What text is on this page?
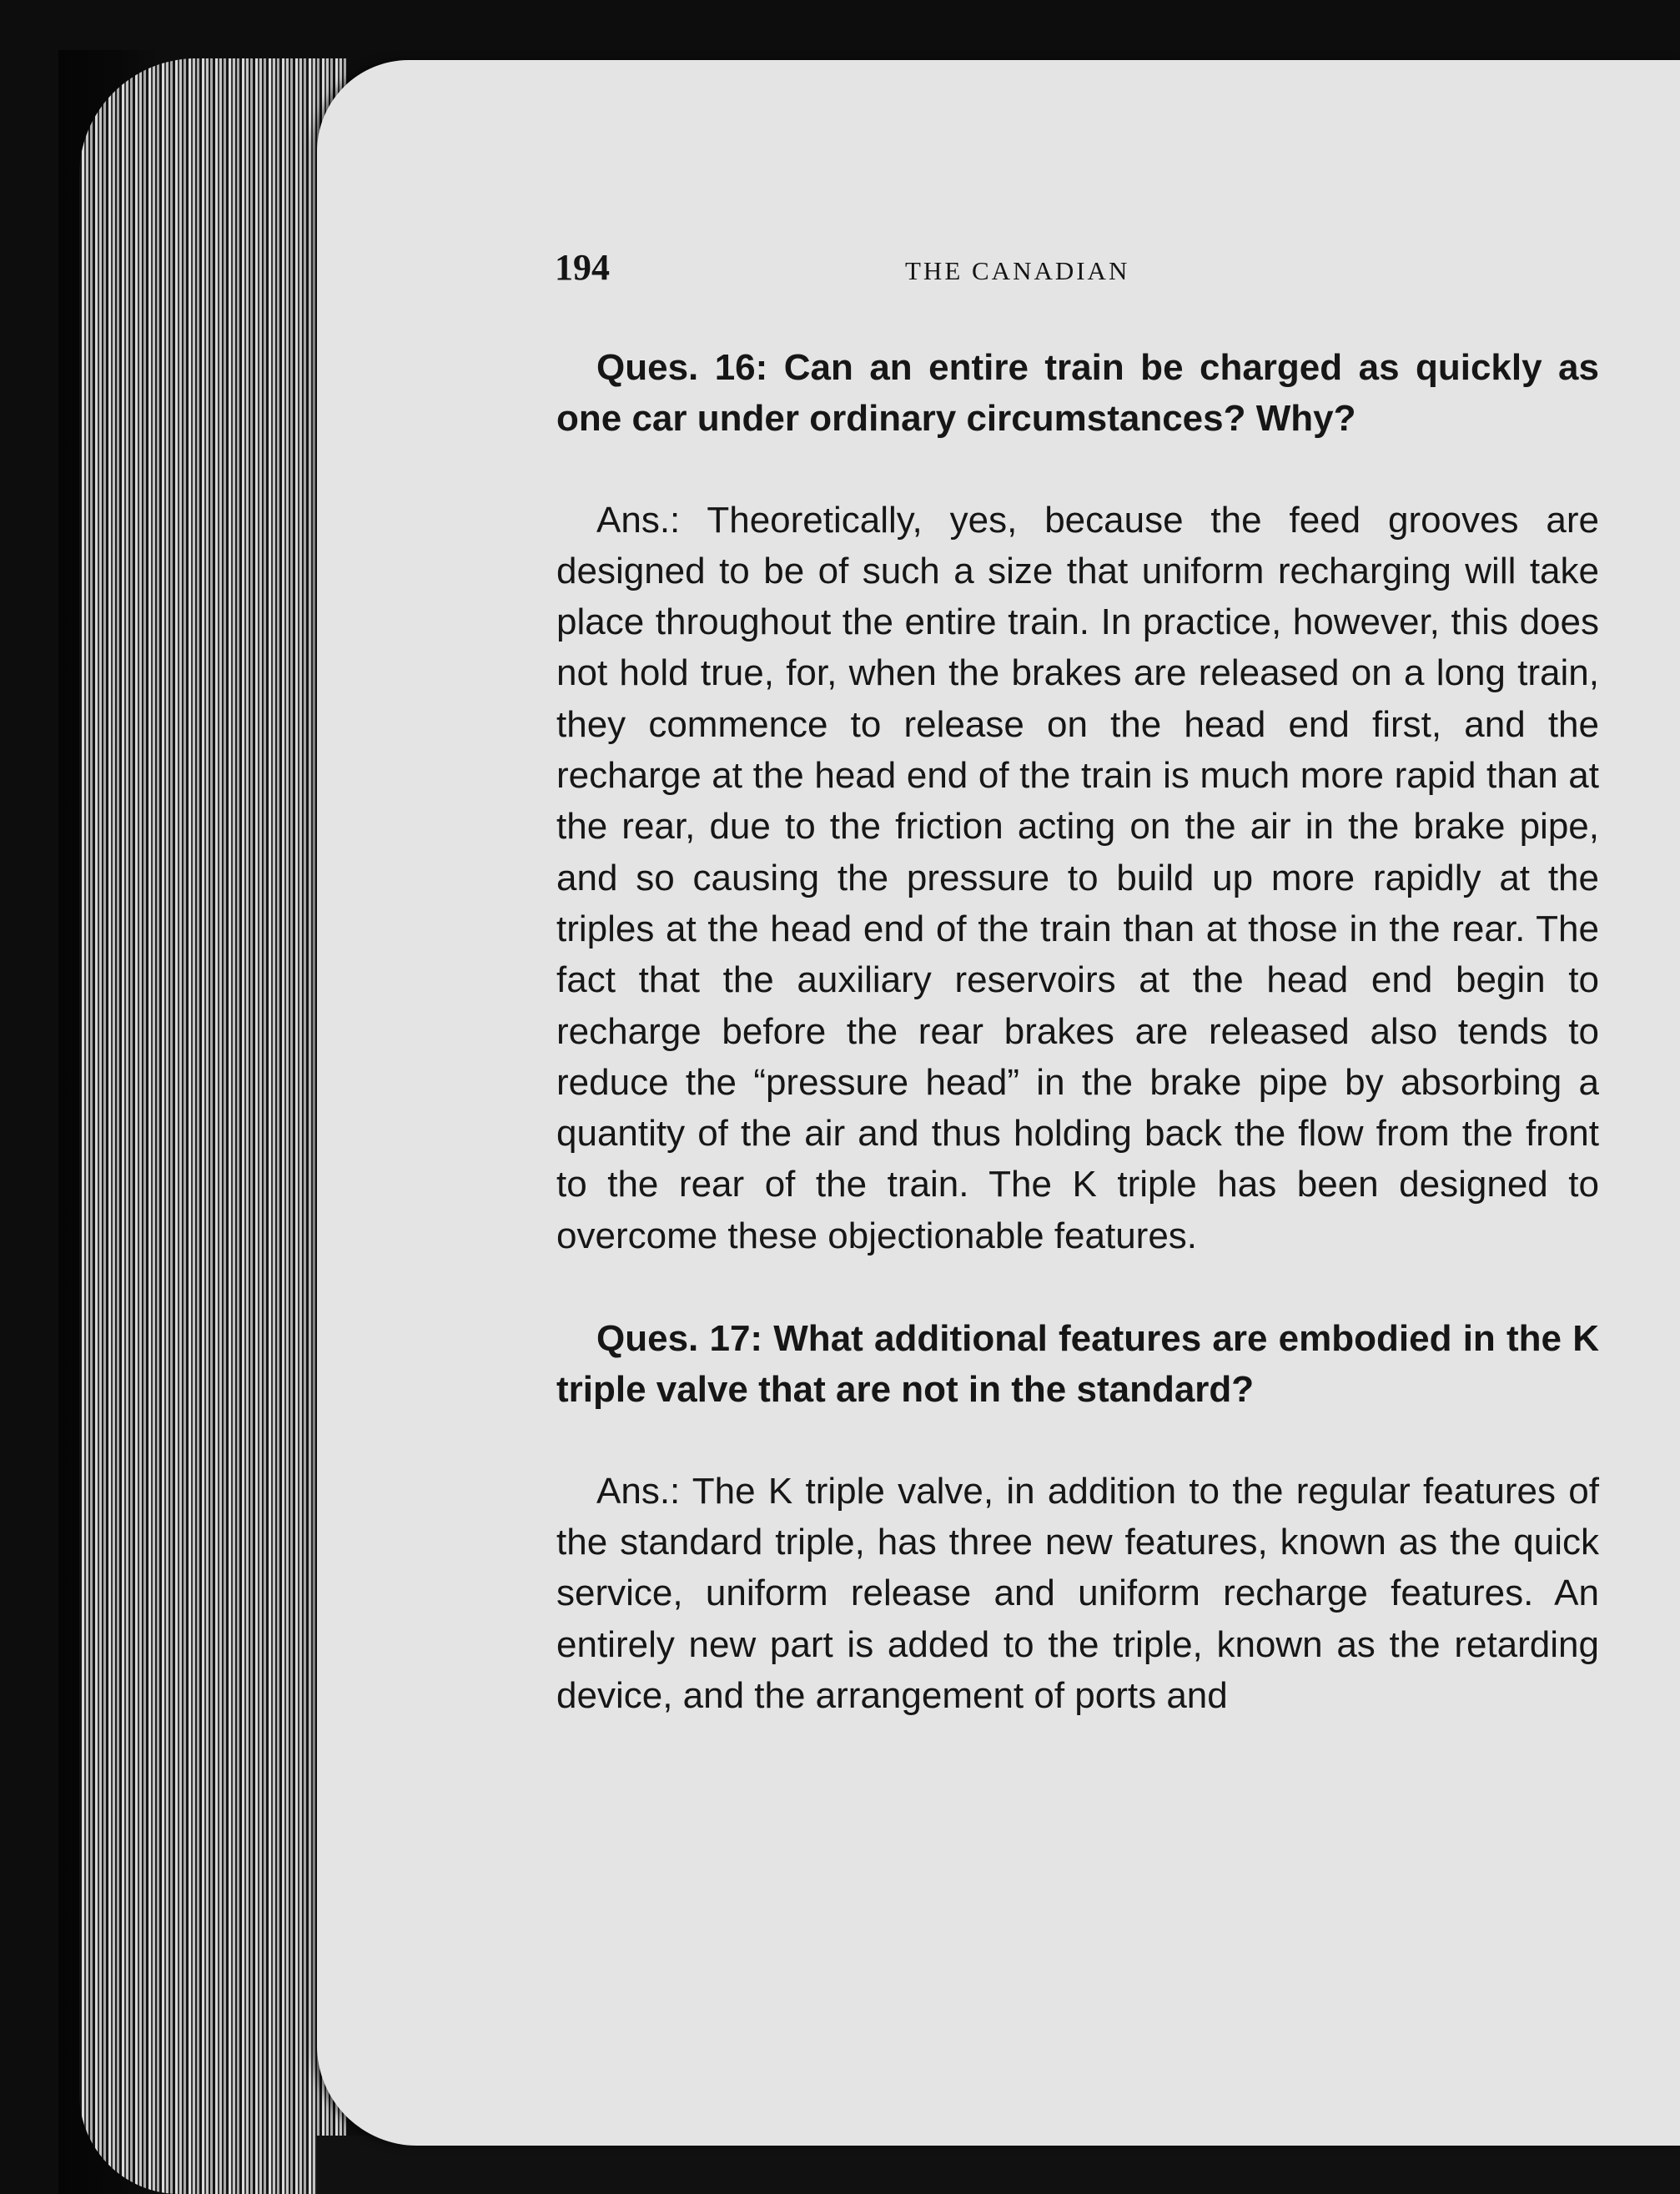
194	THE CANADIAN

Ques. 16: Can an entire train be charged as quickly as one car under ordinary circumstances? Why?

Ans.: Theoretically, yes, because the feed grooves are designed to be of such a size that uniform recharging will take place throughout the entire train. In practice, however, this does not hold true, for, when the brakes are released on a long train, they commence to release on the head end first, and the recharge at the head end of the train is much more rapid than at the rear, due to the friction acting on the air in the brake pipe, and so causing the pressure to build up more rapidly at the triples at the head end of the train than at those in the rear. The fact that the auxiliary reservoirs at the head end begin to recharge before the rear brakes are released also tends to reduce the “pressure head” in the brake pipe by absorbing a quantity of the air and thus holding back the flow from the front to the rear of the train. The K triple has been designed to overcome these objectionable features.

Ques. 17: What additional features are embodied in the K triple valve that are not in the standard?

Ans.: The K triple valve, in addition to the regular features of the standard triple, has three new features, known as the quick service, uniform release and uniform recharge features. An entirely new part is added to the triple, known as the retarding device, and the arrangement of ports and
